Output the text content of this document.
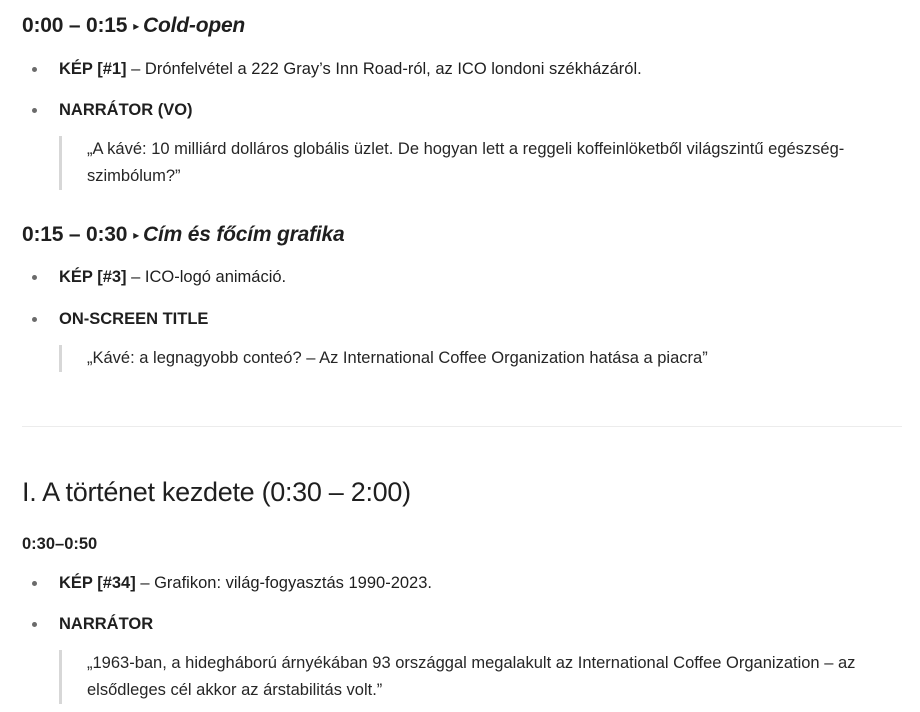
0:00 – 0:15 ▸ Cold-open
KÉP [#1] – Drónfelvétel a 222 Gray’s Inn Road-ról, az ICO londoni székházáról.
NARRÁTOR (VO)
„A kávé: 10 milliárd dolláros globális üzlet. De hogyan lett a reggeli koffeinlöketből világszintű egészség-szimbólum?”
0:15 – 0:30 ▸ Cím és főcím grafika
KÉP [#3] – ICO-logó animáció.
ON-SCREEN TITLE
„Kávé: a legnagyobb conteó? – Az International Coffee Organization hatása a piacra”
I. A történet kezdete (0:30 – 2:00)
0:30–0:50
KÉP [#34] – Grafikon: világ-fogyasztás 1990-2023.
NARRÁTOR
„1963-ban, a hidegháború árnyékában 93 országgal megalakult az International Coffee Organization – az elsődleges cél akkor az árstabilitás volt.”
